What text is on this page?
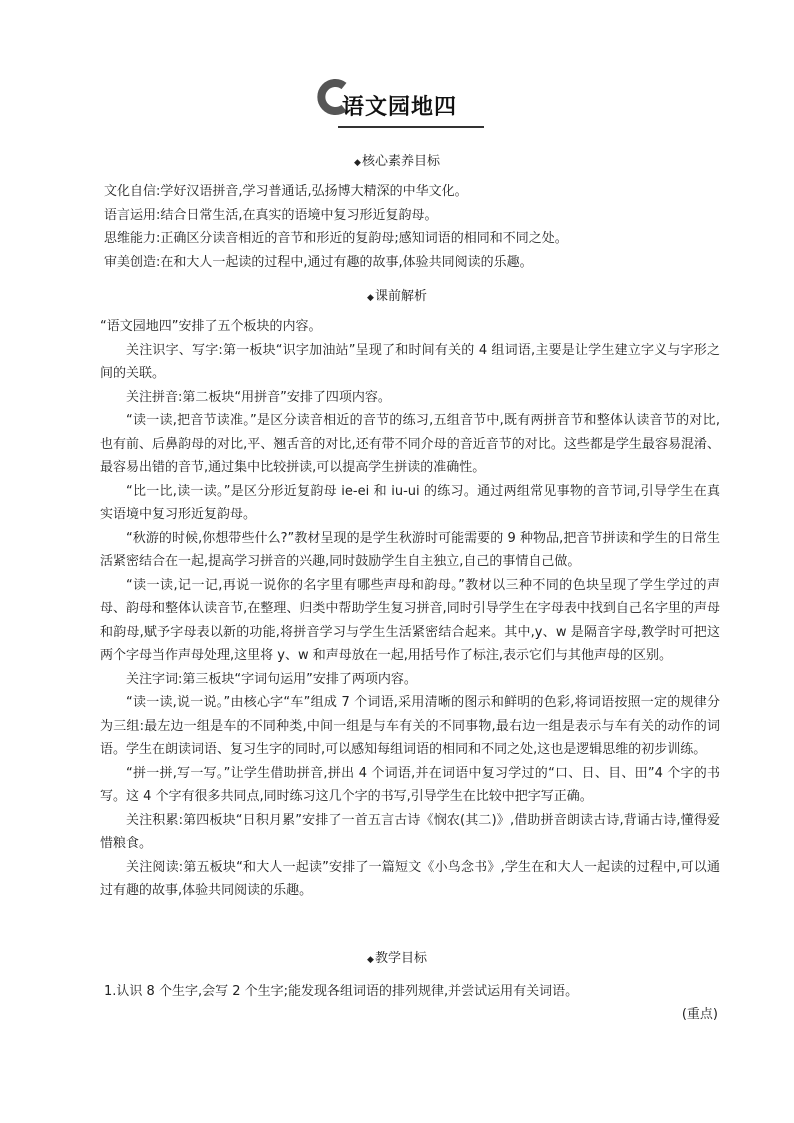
语文园地四
◆核心素养目标

文化自信:学好汉语拼音,学习普通话,弘扬博大精深的中华文化。

语言运用:结合日常生活,在真实的语境中复习形近复韵母。

思维能力:正确区分读音相近的音节和形近的复韵母;感知词语的相同和不同之处。

审美创造:在和大人一起读的过程中,通过有趣的故事,体验共同阅读的乐趣。

◆课前解析

“语文园地四”安排了五个板块的内容。

关注识字、写字:第一板块“识字加油站”呈现了和时间有关的 4 组词语,主要是让学生建立字义与字形之间的关联。

关注拼音:第二板块“用拼音”安排了四项内容。

“读一读,把音节读准。”是区分读音相近的音节的练习,五组音节中,既有两拼音节和整体认读音节的对比,也有前、后鼻韵母的对比,平、翘舌音的对比,还有带不同介母的音近音节的对比。这些都是学生最容易混淆、最容易出错的音节,通过集中比较拼读,可以提高学生拼读的准确性。

“比一比,读一读。”是区分形近复韵母 ie-ei 和 iu-ui 的练习。通过两组常见事物的音节词,引导学生在真实语境中复习形近复韵母。

“秋游的时候,你想带些什么?”教材呈现的是学生秋游时可能需要的 9 种物品,把音节拼读和学生的日常生活紧密结合在一起,提高学习拼音的兴趣,同时鼓励学生自主独立,自己的事情自己做。

“读一读,记一记,再说一说你的名字里有哪些声母和韵母。”教材以三种不同的色块呈现了学生学过的声母、韵母和整体认读音节,在整理、归类中帮助学生复习拼音,同时引导学生在字母表中找到自己名字里的声母和韵母,赋予字母表以新的功能,将拼音学习与学生生活紧密结合起来。其中,y、w 是隔音字母,教学时可把这两个字母当作声母处理,这里将 y、w 和声母放在一起,用括号作了标注,表示它们与其他声母的区别。

关注字词:第三板块“字词句运用”安排了两项内容。

“读一读,说一说。”由核心字“车”组成 7 个词语,采用清晰的图示和鲜明的色彩,将词语按照一定的规律分为三组:最左边一组是车的不同种类,中间一组是与车有关的不同事物,最右边一组是表示与车有关的动作的词语。学生在朗读词语、复习生字的同时,可以感知每组词语的相同和不同之处,这也是逻辑思维的初步训练。

“拼一拼,写一写。”让学生借助拼音,拼出 4 个词语,并在词语中复习学过的“口、日、目、田”4 个字的书写。这 4 个字有很多共同点,同时练习这几个字的书写,引导学生在比较中把字写正确。

关注积累:第四板块“日积月累”安排了一首五言古诗《悯农(其二)》,借助拼音朗读古诗,背诵古诗,懂得爱惜粮食。

关注阅读:第五板块“和大人一起读”安排了一篇短文《小鸟念书》,学生在和大人一起读的过程中,可以通过有趣的故事,体验共同阅读的乐趣。

◆教学目标

1.认识 8 个生字,会写 2 个生字;能发现各组词语的排列规律,并尝试运用有关词语。

(重点)
